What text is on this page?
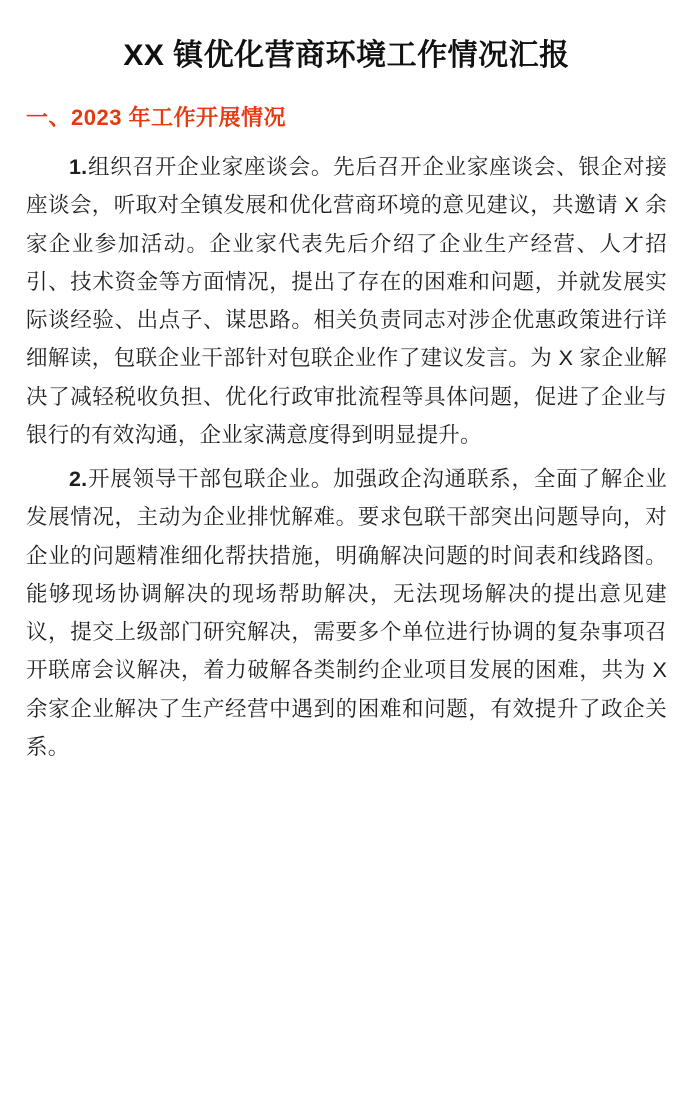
XX 镇优化营商环境工作情况汇报
一、2023 年工作开展情况

1.组织召开企业家座谈会。先后召开企业家座谈会、银企对接座谈会，听取对全镇发展和优化营商环境的意见建议，共邀请 X 余家企业参加活动。企业家代表先后介绍了企业生产经营、人才招引、技术资金等方面情况，提出了存在的困难和问题，并就发展实际谈经验、出点子、谋思路。相关负责同志对涉企优惠政策进行详细解读，包联企业干部针对包联企业作了建议发言。为 X 家企业解决了减轻税收负担、优化行政审批流程等具体问题，促进了企业与银行的有效沟通，企业家满意度得到明显提升。

2.开展领导干部包联企业。加强政企沟通联系，全面了解企业发展情况，主动为企业排忧解难。要求包联干部突出问题导向，对企业的问题精准细化帮扶措施，明确解决问题的时间表和线路图。能够现场协调解决的现场帮助解决，无法现场解决的提出意见建议，提交上级部门研究解决，需要多个单位进行协调的复杂事项召开联席会议解决，着力破解各类制约企业项目发展的困难，共为 X 余家企业解决了生产经营中遇到的困难和问题，有效提升了政企关系。
